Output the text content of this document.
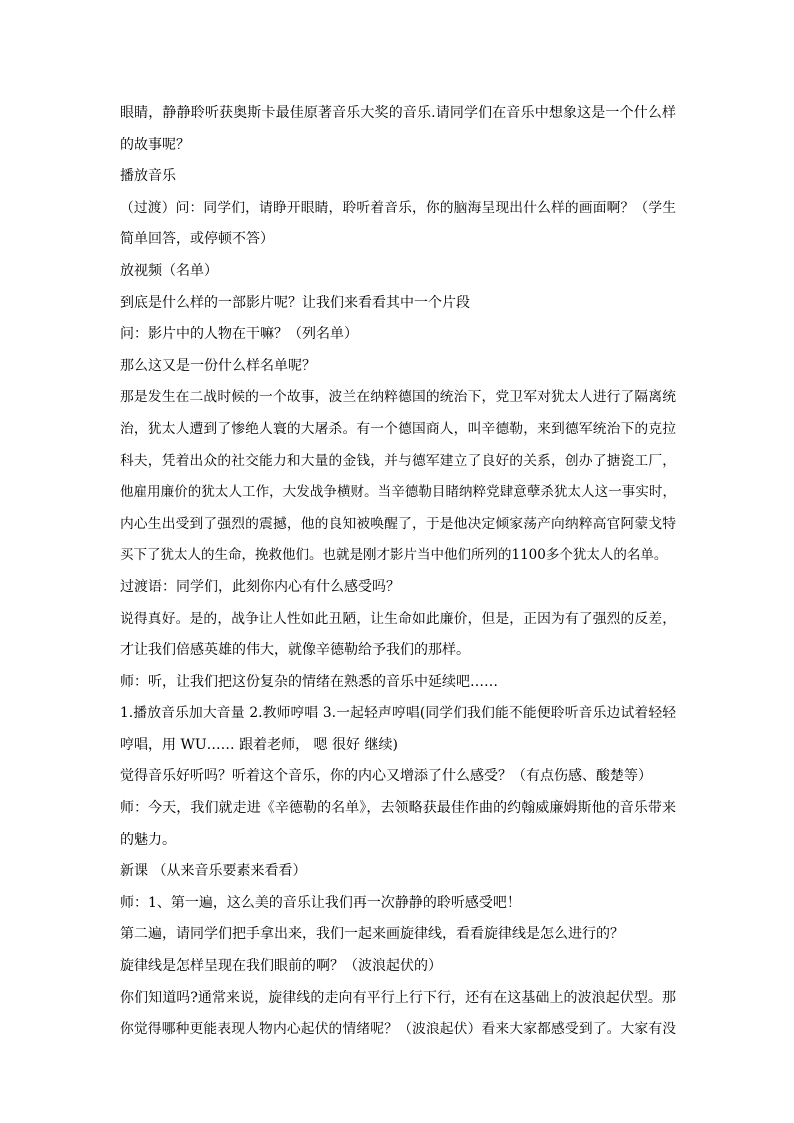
眼睛，静静聆听获奥斯卡最佳原著音乐大奖的音乐.请同学们在音乐中想象这是一个什么样
的故事呢？
播放音乐
（过渡）问：同学们，请睁开眼睛，聆听着音乐，你的脑海呈现出什么样的画面啊？（学生
简单回答，或停顿不答）
放视频（名单）
到底是什么样的一部影片呢？让我们来看看其中一个片段
问：影片中的人物在干嘛？（列名单）
那么这又是一份什么样名单呢？
那是发生在二战时候的一个故事，波兰在纳粹德国的统治下，党卫军对犹太人进行了隔离统
治，犹太人遭到了惨绝人寰的大屠杀。有一个德国商人，叫辛德勒，来到德军统治下的克拉
科夫，凭着出众的社交能力和大量的金钱，并与德军建立了良好的关系，创办了搪瓷工厂，
他雇用廉价的犹太人工作，大发战争横财。当辛德勒目睹纳粹党肆意孽杀犹太人这一事实时，
内心生出受到了强烈的震撼，他的良知被唤醒了，于是他决定倾家荡产向纳粹高官阿蒙戈特
买下了犹太人的生命，挽救他们。也就是刚才影片当中他们所列的1100多个犹太人的名单。
过渡语：同学们，此刻你内心有什么感受吗？
说得真好。是的，战争让人性如此丑陋，让生命如此廉价，但是，正因为有了强烈的反差，
才让我们倍感英雄的伟大，就像辛德勒给予我们的那样。
师：听，让我们把这份复杂的情绪在熟悉的音乐中延续吧……
1.播放音乐加大音量 2.教师哼唱 3.一起轻声哼唱(同学们我们能不能便聆听音乐边试着轻轻
哼唱，用 WU…… 跟着老师， 嗯 很好 继续)
觉得音乐好听吗？听着这个音乐，你的内心又增添了什么感受？（有点伤感、酸楚等）
师：今天，我们就走进《辛德勒的名单》，去领略获最佳作曲的约翰威廉姆斯他的音乐带来
的魅力。
新课 （从来音乐要素来看看）
师：1、第一遍，这么美的音乐让我们再一次静静的聆听感受吧！
第二遍，请同学们把手拿出来，我们一起来画旋律线，看看旋律线是怎么进行的？
旋律线是怎样呈现在我们眼前的啊？（波浪起伏的）
你们知道吗?通常来说，旋律线的走向有平行上行下行，还有在这基础上的波浪起伏型。那
你觉得哪种更能表现人物内心起伏的情绪呢？（波浪起伏）看来大家都感受到了。大家有没
